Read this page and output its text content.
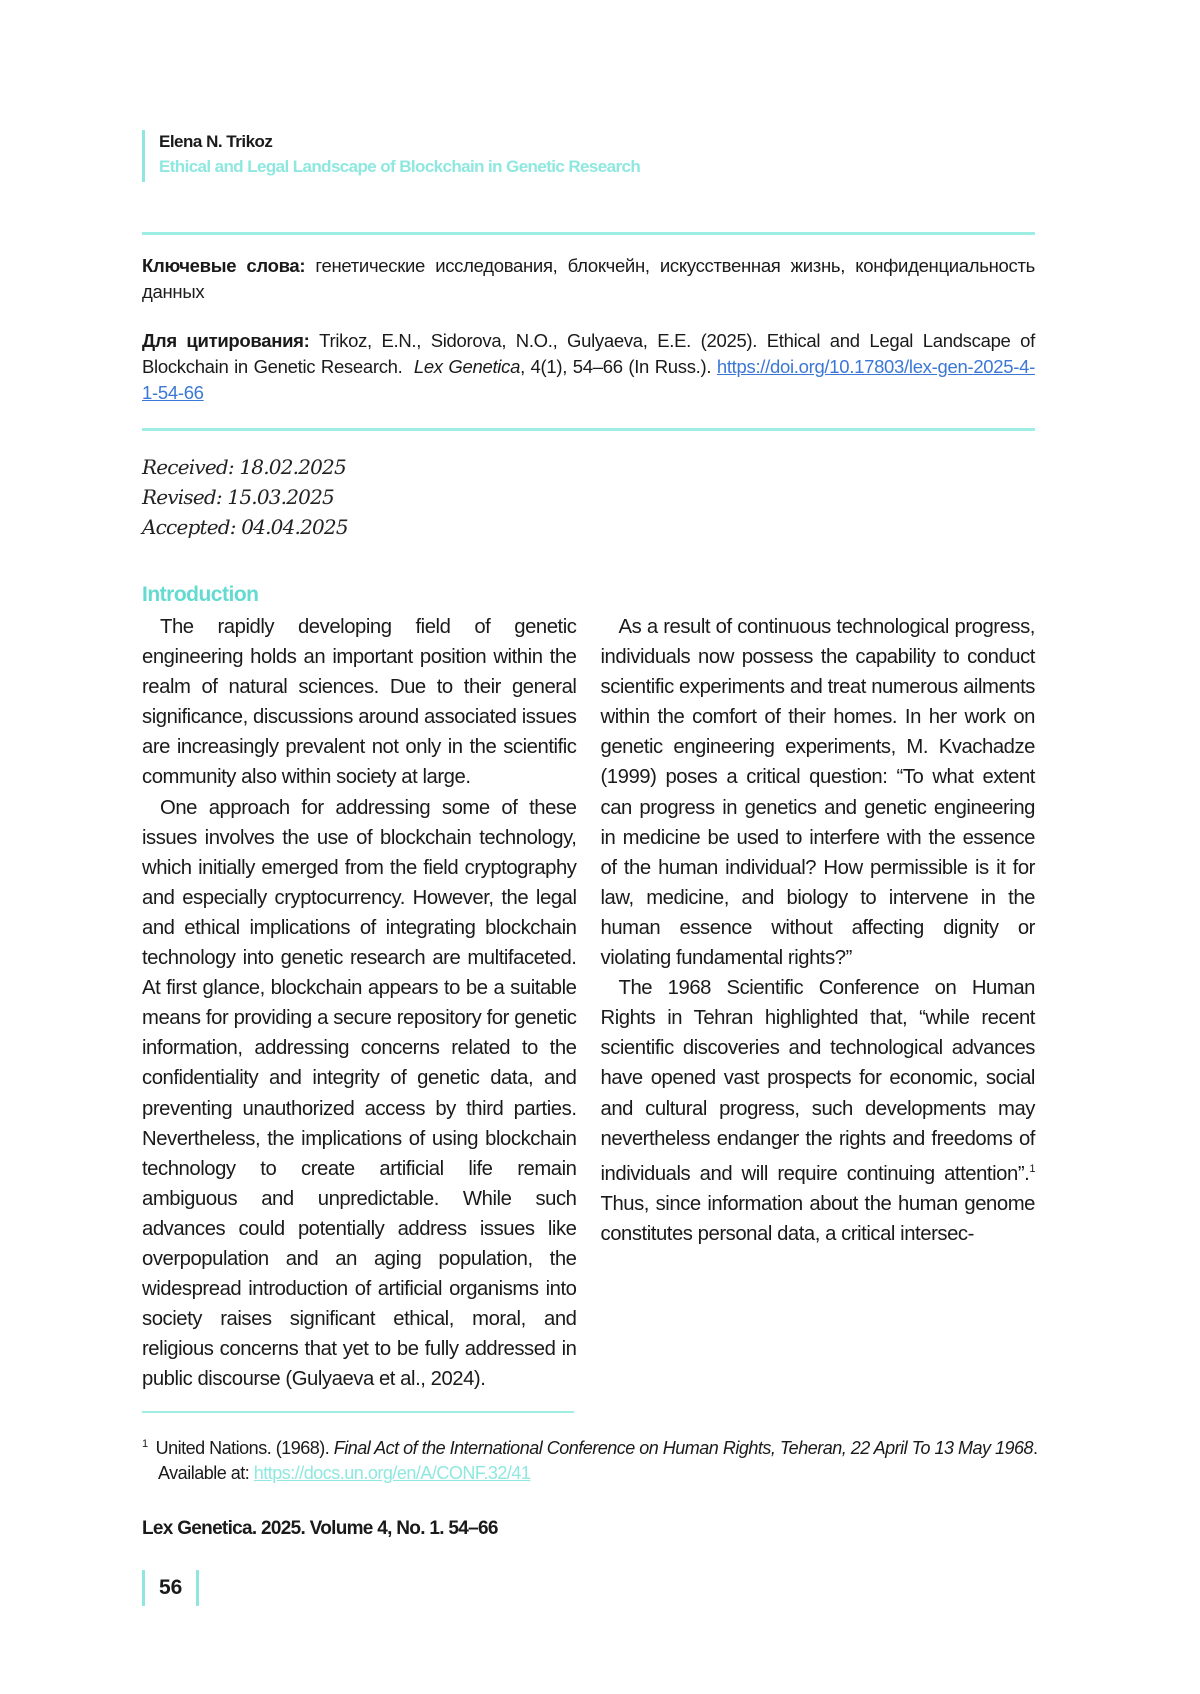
Elena N. Trikoz
Ethical and Legal Landscape of Blockchain in Genetic Research
Ключевые слова: генетические исследования, блокчейн, искусственная жизнь, конфиденциальность данных
Для цитирования: Trikoz, E.N., Sidorova, N.O., Gulyaeva, E.E. (2025). Ethical and Legal Landscape of Blockchain in Genetic Research. Lex Genetica, 4(1), 54–66 (In Russ.). https://doi.org/10.17803/lex-gen-2025-4-1-54-66
Received: 18.02.2025
Revised: 15.03.2025
Accepted: 04.04.2025
Introduction

The rapidly developing field of genetic engineering holds an important position within the realm of natural sciences. Due to their general significance, discussions around associated issues are increasingly prevalent not only in the scientific community also within society at large.

One approach for addressing some of these issues involves the use of blockchain technology, which initially emerged from the field cryptography and especially cryptocurrency. However, the legal and ethical implications of integrating blockchain technology into genetic research are multifaceted. At first glance, blockchain appears to be a suitable means for providing a secure repository for genetic information, addressing concerns related to the confidentiality and integrity of genetic data, and preventing unauthorized access by third parties. Nevertheless, the implications of using blockchain technology to create artificial life remain ambiguous and unpredictable. While such advances could potentially address issues like overpopulation and an aging population, the widespread introduction of artificial organisms into society raises significant ethical, moral, and religious concerns that yet to be fully addressed in public discourse (Gulyaeva et al., 2024).

As a result of continuous technological progress, individuals now possess the capability to conduct scientific experiments and treat numerous ailments within the comfort of their homes. In her work on genetic engineering experiments, M. Kvachadze (1999) poses a critical question: “To what extent can progress in genetics and genetic engineering in medicine be used to interfere with the essence of the human individual? How permissible is it for law, medicine, and biology to intervene in the human essence without affecting dignity or violating fundamental rights?”

The 1968 Scientific Conference on Human Rights in Tehran highlighted that, “while recent scientific discoveries and technological advances have opened vast prospects for economic, social and cultural progress, such developments may nevertheless endanger the rights and freedoms of individuals and will require continuing attention”.$^1$ Thus, since information about the human genome constitutes personal data, a critical intersec-

$^1$ United Nations. (1968). Final Act of the International Conference on Human Rights, Teheran, 22 April To 13 May 1968. Available at: https://docs.un.org/en/A/CONF.32/41
Lex Genetica. 2025. Volume 4, No. 1. 54–66
56
